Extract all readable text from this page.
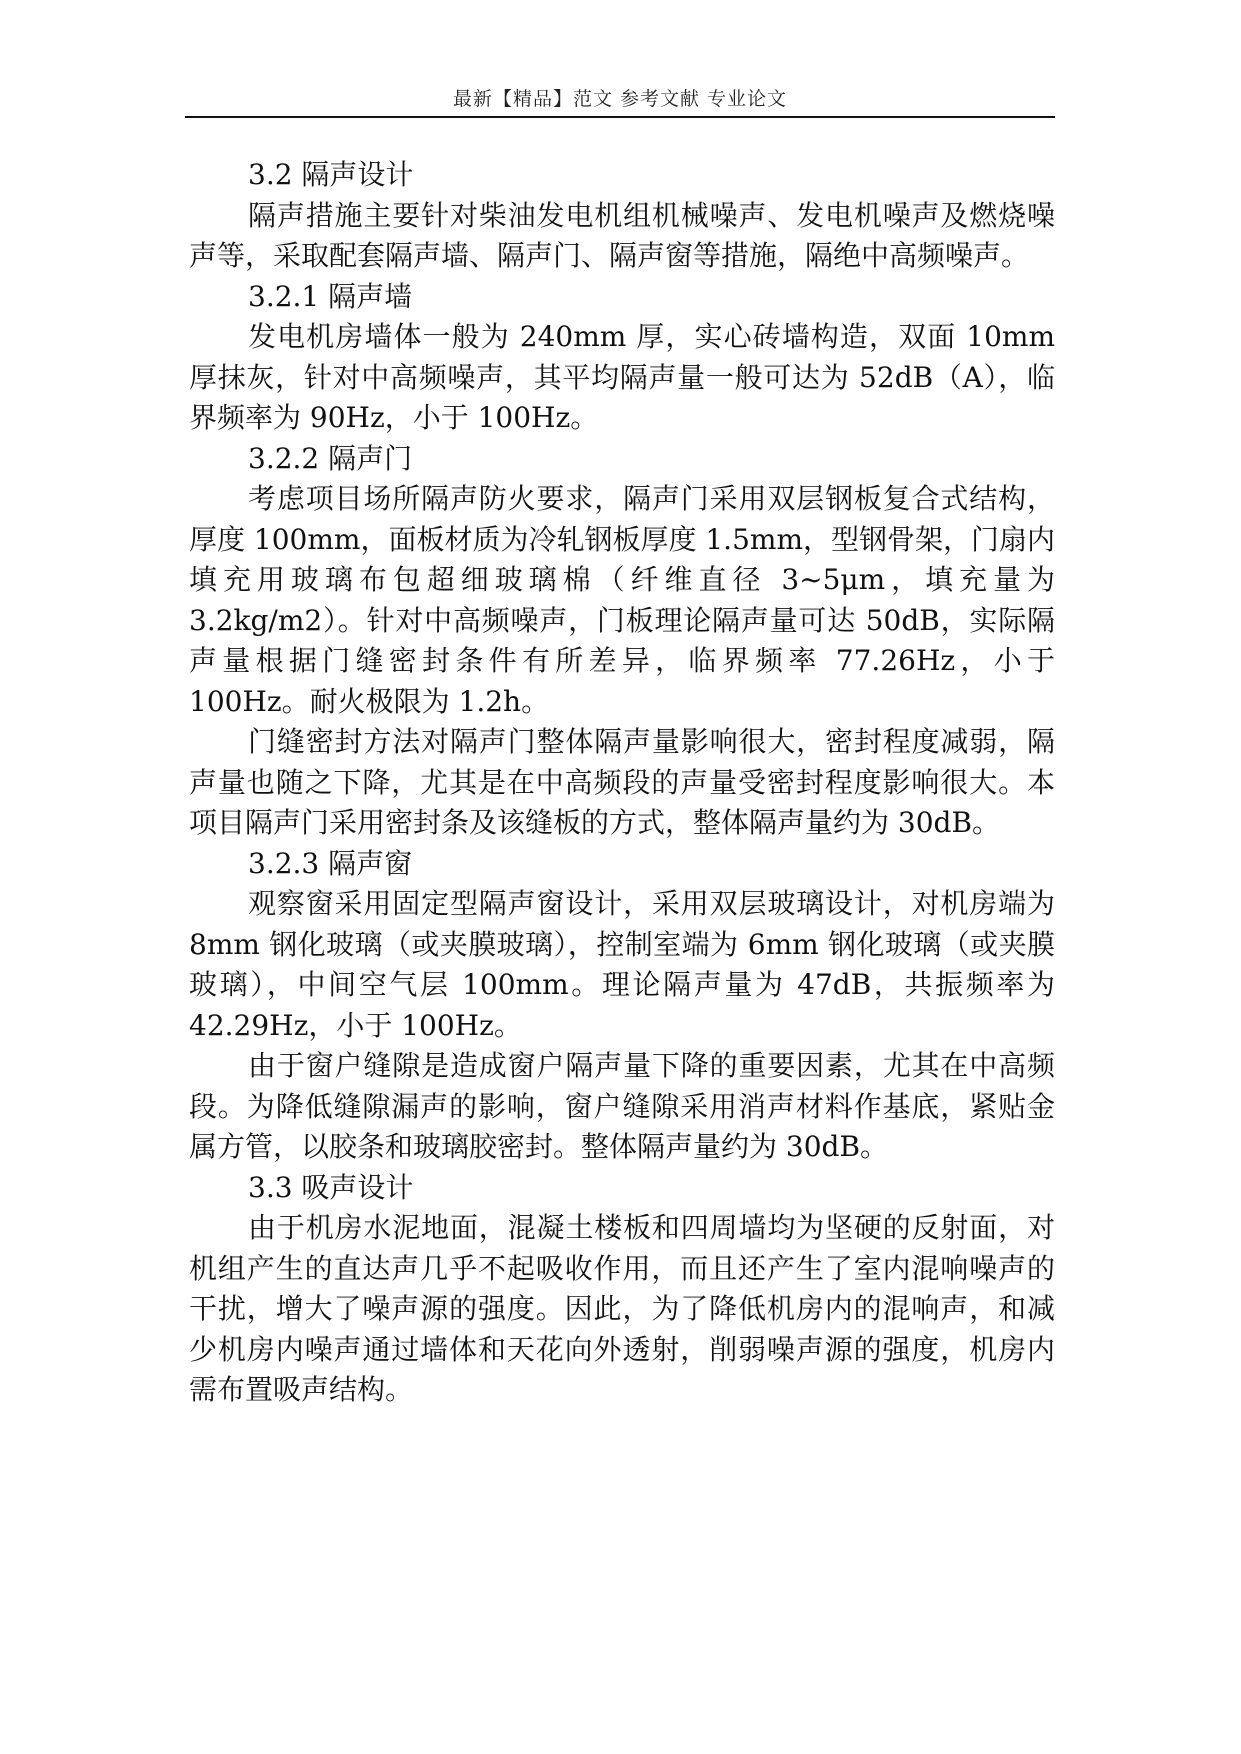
最新【精品】范文 参考文献 专业论文

3.2 隔声设计

隔声措施主要针对柴油发电机组机械噪声、发电机噪声及燃烧噪声等，采取配套隔声墙、隔声门、隔声窗等措施，隔绝中高频噪声。

3.2.1 隔声墙

发电机房墙体一般为 240mm 厚，实心砖墙构造，双面 10mm 厚抹灰，针对中高频噪声，其平均隔声量一般可达为 52dB（A），临界频率为 90Hz，小于 100Hz。

3.2.2 隔声门

考虑项目场所隔声防火要求，隔声门采用双层钢板复合式结构，厚度 100mm，面板材质为冷轧钢板厚度 1.5mm，型钢骨架，门扇内填充用玻璃布包超细玻璃棉（纤维直径 3~5μm，填充量为 3.2kg/m2）。针对中高频噪声，门板理论隔声量可达 50dB，实际隔声量根据门缝密封条件有所差异，临界频率 77.26Hz，小于 100Hz。耐火极限为 1.2h。

门缝密封方法对隔声门整体隔声量影响很大，密封程度减弱，隔声量也随之下降，尤其是在中高频段的声量受密封程度影响很大。本项目隔声门采用密封条及该缝板的方式，整体隔声量约为 30dB。

3.2.3 隔声窗

观察窗采用固定型隔声窗设计，采用双层玻璃设计，对机房端为 8mm 钢化玻璃（或夹膜玻璃），控制室端为 6mm 钢化玻璃（或夹膜玻璃），中间空气层 100mm。理论隔声量为 47dB，共振频率为 42.29Hz，小于 100Hz。

由于窗户缝隙是造成窗户隔声量下降的重要因素，尤其在中高频段。为降低缝隙漏声的影响，窗户缝隙采用消声材料作基底，紧贴金属方管，以胶条和玻璃胶密封。整体隔声量约为 30dB。

3.3 吸声设计

由于机房水泥地面，混凝土楼板和四周墙均为坚硬的反射面，对机组产生的直达声几乎不起吸收作用，而且还产生了室内混响噪声的干扰，增大了噪声源的强度。因此，为了降低机房内的混响声，和减少机房内噪声通过墙体和天花向外透射，削弱噪声源的强度，机房内需布置吸声结构。
